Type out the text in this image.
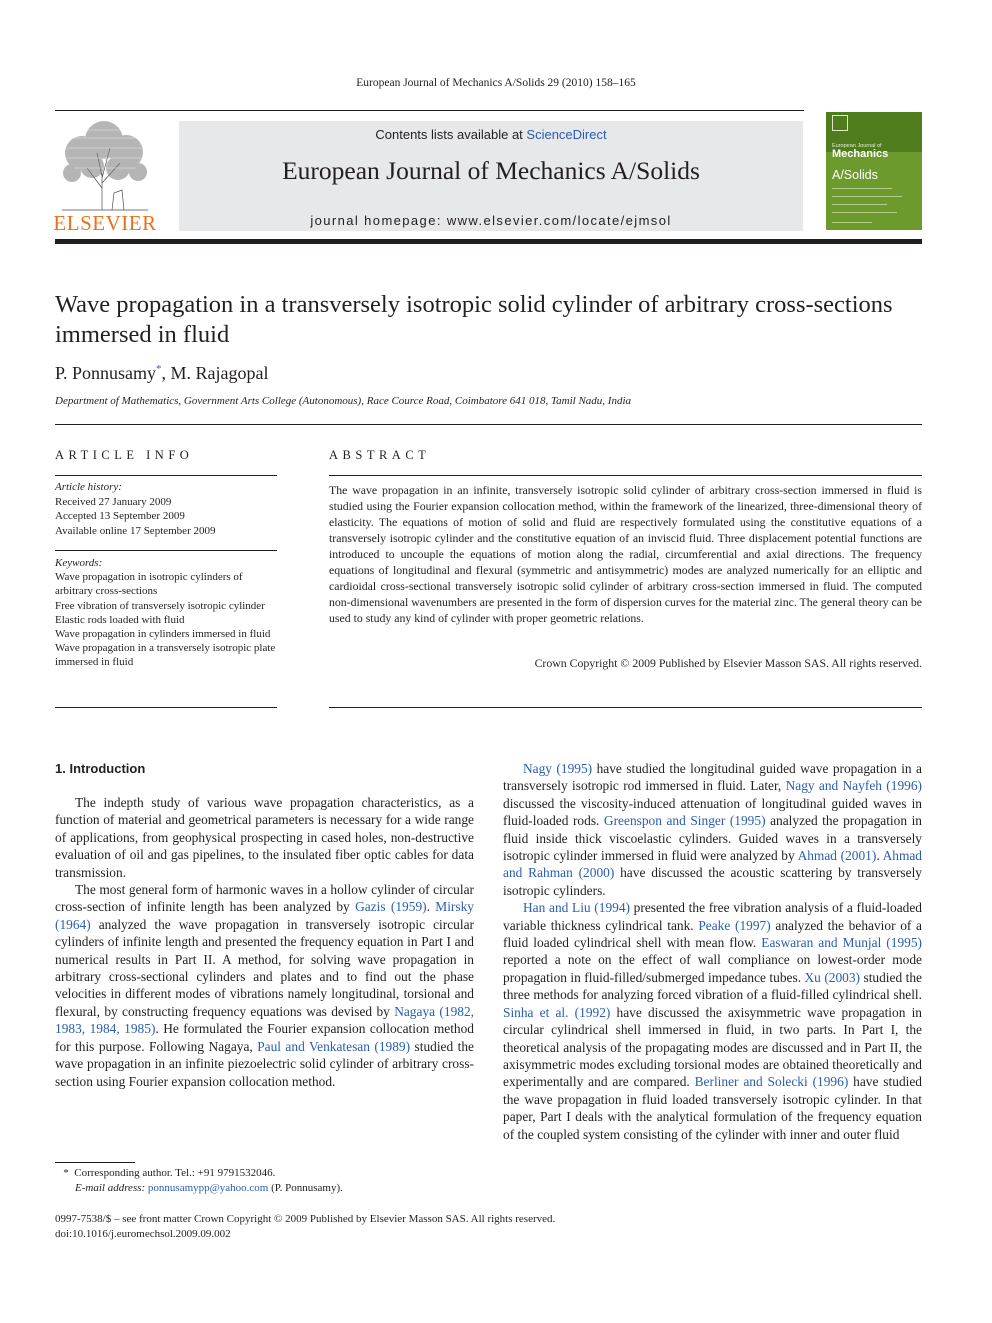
European Journal of Mechanics A/Solids 29 (2010) 158–165
ELSEVIER
Contents lists available at ScienceDirect
European Journal of Mechanics A/Solids
journal homepage: www.elsevier.com/locate/ejmsol
European Journal of
Mechanics
A/Solids
Wave propagation in a transversely isotropic solid cylinder of arbitrary cross-sections immersed in fluid
P. Ponnusamy*, M. Rajagopal
Department of Mathematics, Government Arts College (Autonomous), Race Cource Road, Coimbatore 641 018, Tamil Nadu, India
ARTICLE INFO
Article history:
Received 27 January 2009
Accepted 13 September 2009
Available online 17 September 2009
Keywords:
Wave propagation in isotropic cylinders of arbitrary cross-sections
Free vibration of transversely isotropic cylinder
Elastic rods loaded with fluid
Wave propagation in cylinders immersed in fluid
Wave propagation in a transversely isotropic plate immersed in fluid
ABSTRACT
The wave propagation in an infinite, transversely isotropic solid cylinder of arbitrary cross-section immersed in fluid is studied using the Fourier expansion collocation method, within the framework of the linearized, three-dimensional theory of elasticity. The equations of motion of solid and fluid are respectively formulated using the constitutive equations of a transversely isotropic cylinder and the constitutive equation of an inviscid fluid. Three displacement potential functions are introduced to uncouple the equations of motion along the radial, circumferential and axial directions. The frequency equations of longitudinal and flexural (symmetric and antisymmetric) modes are analyzed numerically for an elliptic and cardioidal cross-sectional transversely isotropic solid cylinder of arbitrary cross-section immersed in fluid. The computed non-dimensional wavenumbers are presented in the form of dispersion curves for the material zinc. The general theory can be used to study any kind of cylinder with proper geometric relations.
Crown Copyright © 2009 Published by Elsevier Masson SAS. All rights reserved.
1. Introduction

The indepth study of various wave propagation characteristics, as a function of material and geometrical parameters is necessary for a wide range of applications, from geophysical prospecting in cased holes, non-destructive evaluation of oil and gas pipelines, to the insulated fiber optic cables for data transmission.

The most general form of harmonic waves in a hollow cylinder of circular cross-section of infinite length has been analyzed by Gazis (1959). Mirsky (1964) analyzed the wave propagation in transversely isotropic circular cylinders of infinite length and presented the frequency equation in Part I and numerical results in Part II. A method, for solving wave propagation in arbitrary cross-sectional cylinders and plates and to find out the phase velocities in different modes of vibrations namely longitudinal, torsional and flexural, by constructing frequency equations was devised by Nagaya (1982, 1983, 1984, 1985). He formulated the Fourier expansion collocation method for this purpose. Following Nagaya, Paul and Venkatesan (1989) studied the wave propagation in an infinite piezoelectric solid cylinder of arbitrary cross-section using Fourier expansion collocation method.

Nagy (1995) have studied the longitudinal guided wave propagation in a transversely isotropic rod immersed in fluid. Later, Nagy and Nayfeh (1996) discussed the viscosity-induced attenuation of longitudinal guided waves in fluid-loaded rods. Greenspon and Singer (1995) analyzed the propagation in fluid inside thick viscoelastic cylinders. Guided waves in a transversely isotropic cylinder immersed in fluid were analyzed by Ahmad (2001). Ahmad and Rahman (2000) have discussed the acoustic scattering by transversely isotropic cylinders.

Han and Liu (1994) presented the free vibration analysis of a fluid-loaded variable thickness cylindrical tank. Peake (1997) analyzed the behavior of a fluid loaded cylindrical shell with mean flow. Easwaran and Munjal (1995) reported a note on the effect of wall compliance on lowest-order mode propagation in fluid-filled/submerged impedance tubes. Xu (2003) studied the three methods for analyzing forced vibration of a fluid-filled cylindrical shell. Sinha et al. (1992) have discussed the axisymmetric wave propagation in circular cylindrical shell immersed in fluid, in two parts. In Part I, the theoretical analysis of the propagating modes are discussed and in Part II, the axisymmetric modes excluding torsional modes are obtained theoretically and experimentally and are compared. Berliner and Solecki (1996) have studied the wave propagation in fluid loaded transversely isotropic cylinder. In that paper, Part I deals with the analytical formulation of the frequency equation of the coupled system consisting of the cylinder with inner and outer fluid

* Corresponding author. Tel.: +91 9791532046.
E-mail address: ponnusamypp@yahoo.com (P. Ponnusamy).
0997-7538/$ – see front matter Crown Copyright © 2009 Published by Elsevier Masson SAS. All rights reserved.
doi:10.1016/j.euromechsol.2009.09.002
